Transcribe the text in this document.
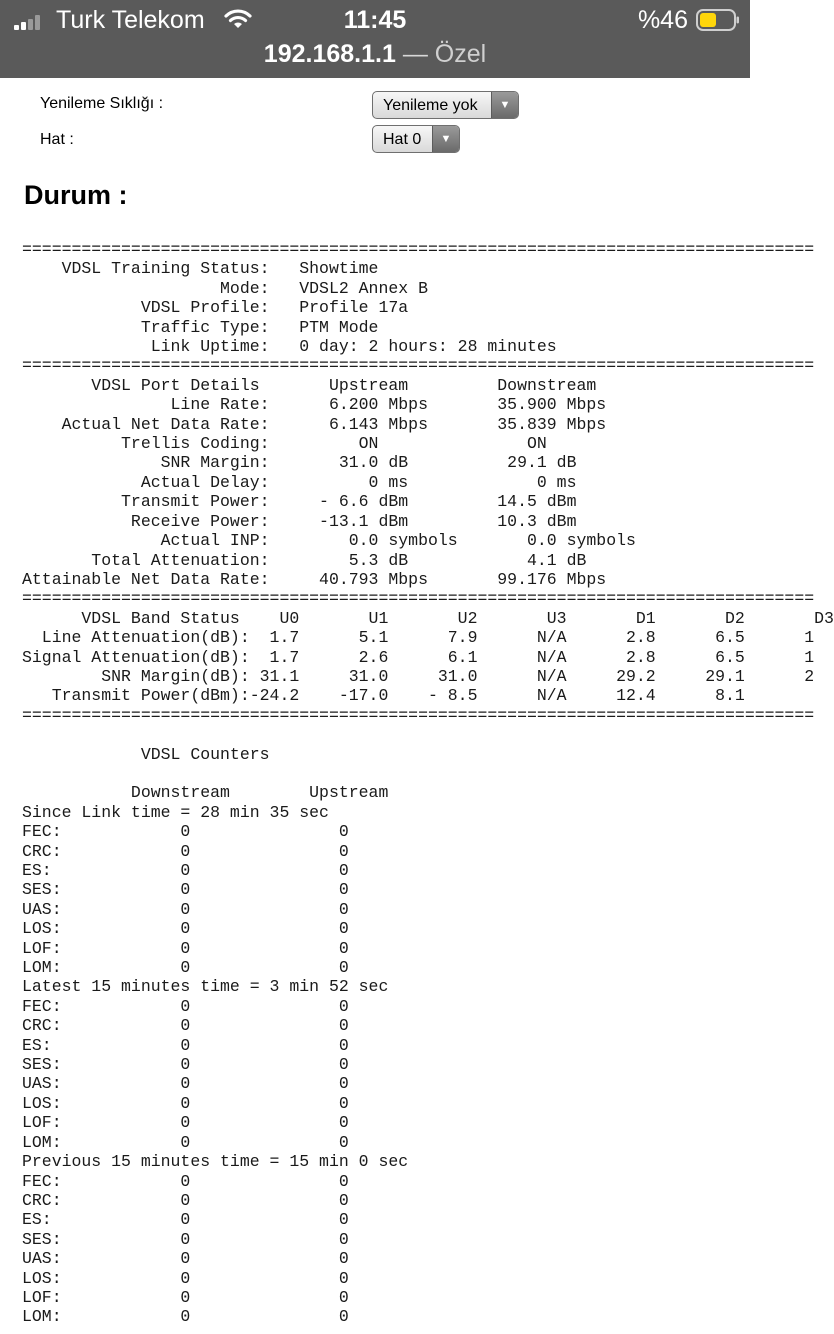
Turk Telekom	11:45	%46
192.168.1.1 — Özel
Yenileme Sıklığı :	Yenileme yok	▼
Hat :	Hat 0	▼
Durum :
================================================================================
VDSL Training Status:   Showtime
Mode:   VDSL2 Annex B
VDSL Profile:   Profile 17a
Traffic Type:   PTM Mode
Link Uptime:   0 day: 2 hours: 28 minutes
================================================================================
VDSL Port Details       Upstream         Downstream
Line Rate:      6.200 Mbps       35.900 Mbps
Actual Net Data Rate:      6.143 Mbps       35.839 Mbps
Trellis Coding:         ON               ON
SNR Margin:       31.0 dB          29.1 dB
Actual Delay:          0 ms             0 ms
Transmit Power:     - 6.6 dBm         14.5 dBm
Receive Power:     -13.1 dBm         10.3 dBm
Actual INP:        0.0 symbols       0.0 symbols
Total Attenuation:        5.3 dB            4.1 dB
Attainable Net Data Rate:     40.793 Mbps       99.176 Mbps
================================================================================
VDSL Band Status    U0       U1       U2       U3       D1       D2       D3
Line Attenuation(dB):  1.7      5.1      7.9      N/A      2.8      6.5      1
Signal Attenuation(dB):  1.7      2.6      6.1      N/A      2.8      6.5      1
SNR Margin(dB): 31.1     31.0     31.0      N/A     29.2     29.1      2
Transmit Power(dBm):-24.2    -17.0    - 8.5      N/A     12.4      8.1
================================================================================

VDSL Counters

Downstream        Upstream
Since Link time = 28 min 35 sec
FEC:            0               0
CRC:            0               0
ES:             0               0
SES:            0               0
UAS:            0               0
LOS:            0               0
LOF:            0               0
LOM:            0               0
Latest 15 minutes time = 3 min 52 sec
FEC:            0               0
CRC:            0               0
ES:             0               0
SES:            0               0
UAS:            0               0
LOS:            0               0
LOF:            0               0
LOM:            0               0
Previous 15 minutes time = 15 min 0 sec
FEC:            0               0
CRC:            0               0
ES:             0               0
SES:            0               0
UAS:            0               0
LOS:            0               0
LOF:            0               0
LOM:            0               0
